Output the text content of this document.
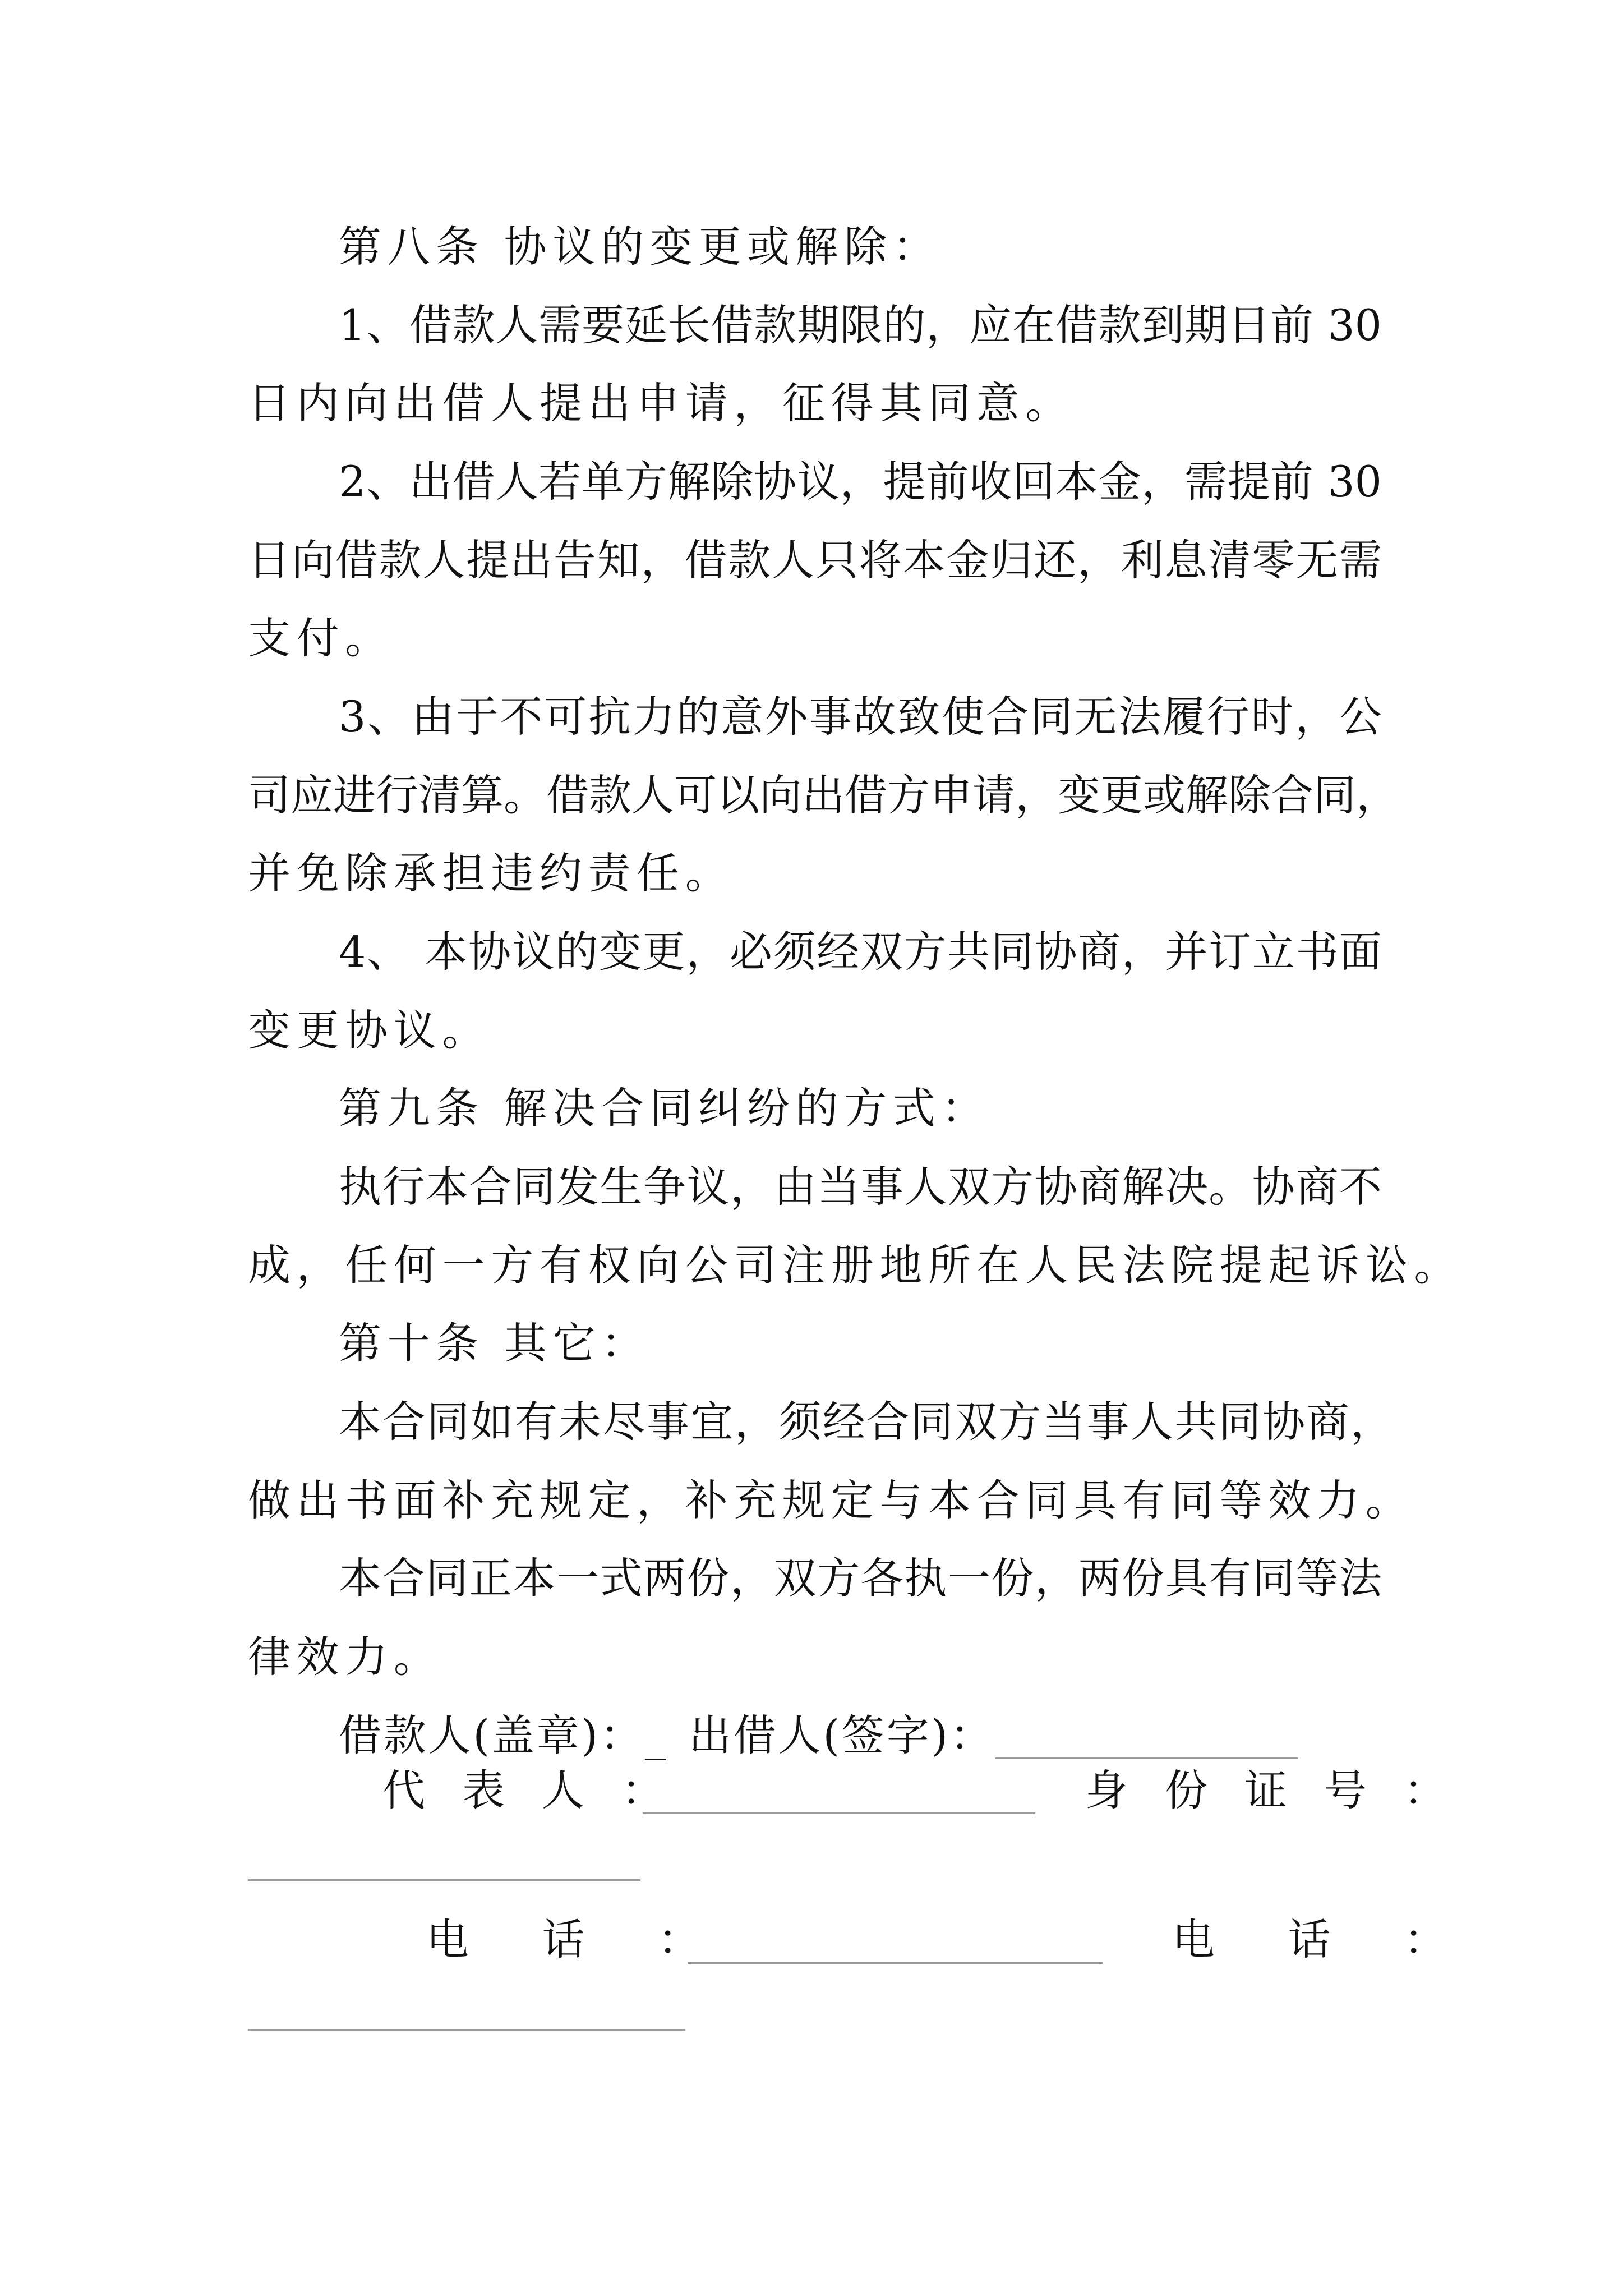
第八条 协议的变更或解除：
1、借款人需要延长借款期限的，应在借款到期日前 30
日内向出借人提出申请，征得其同意。
2、出借人若单方解除协议，提前收回本金，需提前 30
日向借款人提出告知，借款人只将本金归还，利息清零无需
支付。
3、由于不可抗力的意外事故致使合同无法履行时，公
司应进行清算。借款人可以向出借方申请，变更或解除合同，
并免除承担违约责任。
4、 本协议的变更，必须经双方共同协商，并订立书面
变更协议。
第九条 解决合同纠纷的方式：
执行本合同发生争议，由当事人双方协商解决。协商不
成，任何一方有权向公司注册地所在人民法院提起诉讼。
第十条 其它：
本合同如有未尽事宜，须经合同双方当事人共同协商，
做出书面补充规定，补充规定与本合同具有同等效力。
本合同正本一式两份，双方各执一份，两份具有同等法
律效力。
借款人(盖章)：_ 出借人(签字)：
代 表 人 ：	身 份 证 号 ：
电 话 ：	电 话 ：
